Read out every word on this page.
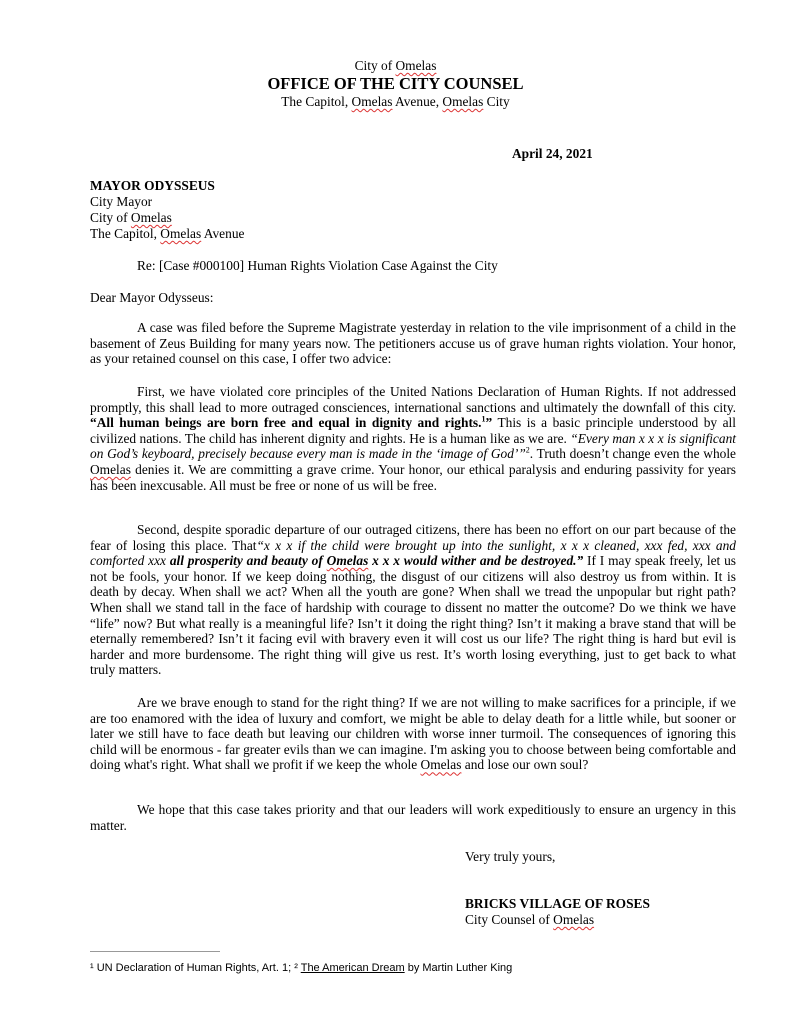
City of Omelas
OFFICE OF THE CITY COUNSEL
The Capitol, Omelas Avenue, Omelas City
April 24, 2021
MAYOR ODYSSEUS
City Mayor
City of Omelas
The Capitol, Omelas Avenue
Re: [Case #000100] Human Rights Violation Case Against the City
Dear Mayor Odysseus:

A case was filed before the Supreme Magistrate yesterday in relation to the vile imprisonment of a child in the basement of Zeus Building for many years now. The petitioners accuse us of grave human rights violation. Your honor, as your retained counsel on this case, I offer two advice:

First, we have violated core principles of the United Nations Declaration of Human Rights. If not addressed promptly, this shall lead to more outraged consciences, international sanctions and ultimately the downfall of this city. “All human beings are born free and equal in dignity and rights.$^1$” This is a basic principle understood by all civilized nations. The child has inherent dignity and rights. He is a human like as we are. “Every man x x x is significant on God’s keyboard, precisely because every man is made in the ‘image of God’”$^2$. Truth doesn’t change even the whole Omelas denies it. We are committing a grave crime. Your honor, our ethical paralysis and enduring passivity for years has been inexcusable. All must be free or none of us will be free.

Second, despite sporadic departure of our outraged citizens, there has been no effort on our part because of the fear of losing this place. That“x x x if the child were brought up into the sunlight, x x x cleaned, xxx fed, xxx and comforted xxx all prosperity and beauty of Omelas x x x would wither and be destroyed.” If I may speak freely, let us not be fools, your honor. If we keep doing nothing, the disgust of our citizens will also destroy us from within. It is death by decay. When shall we act? When all the youth are gone? When shall we tread the unpopular but right path? When shall we stand tall in the face of hardship with courage to dissent no matter the outcome? Do we think we have “life” now? But what really is a meaningful life? Isn’t it doing the right thing? Isn’t it making a brave stand that will be eternally remembered? Isn’t it facing evil with bravery even it will cost us our life? The right thing is hard but evil is harder and more burdensome. The right thing will give us rest. It’s worth losing everything, just to get back to what truly matters.

Are we brave enough to stand for the right thing? If we are not willing to make sacrifices for a principle, if we are too enamored with the idea of luxury and comfort, we might be able to delay death for a little while, but sooner or later we still have to face death but leaving our children with worse inner turmoil. The consequences of ignoring this child will be enormous - far greater evils than we can imagine. I'm asking you to choose between being comfortable and doing what's right. What shall we profit if we keep the whole Omelas and lose our own soul?

We hope that this case takes priority and that our leaders will work expeditiously to ensure an urgency in this matter.

Very truly yours,
BRICKS VILLAGE OF ROSES
City Counsel of Omelas
¹ UN Declaration of Human Rights, Art. 1; ² The American Dream by Martin Luther King
